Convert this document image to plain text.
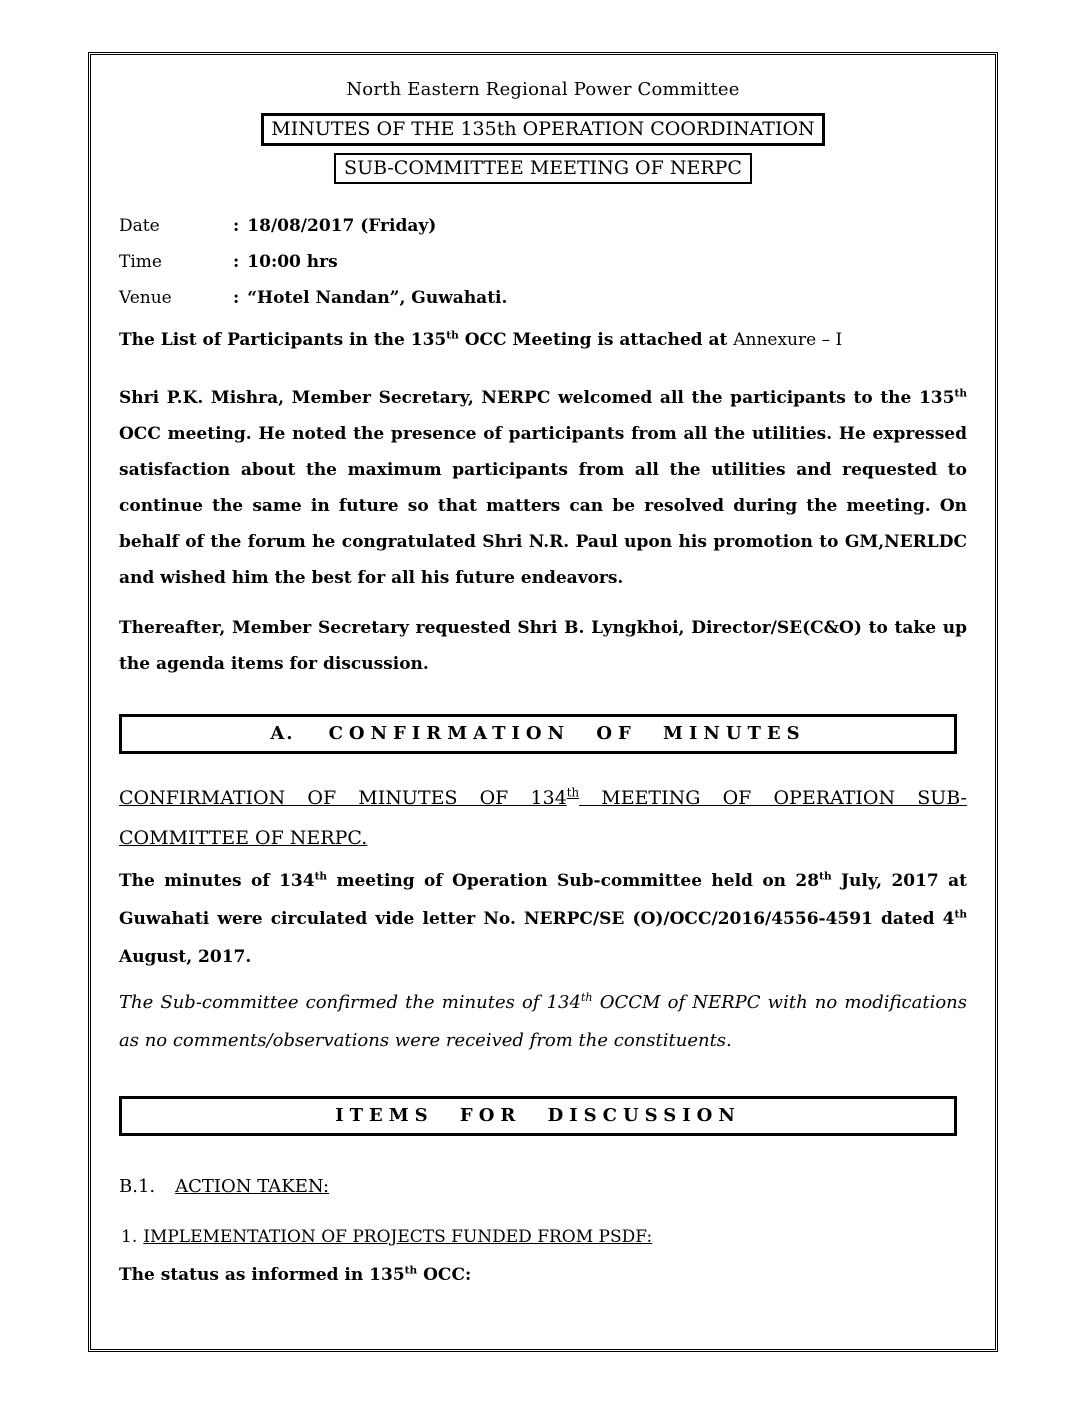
North Eastern Regional Power Committee
MINUTES OF THE 135th OPERATION COORDINATION
SUB-COMMITTEE MEETING OF NERPC
Date	: 18/08/2017 (Friday)
Time	: 10:00 hrs
Venue	: “Hotel Nandan”, Guwahati.
The List of Participants in the 135th OCC Meeting is attached at Annexure – I
Shri P.K. Mishra, Member Secretary, NERPC welcomed all the participants to the 135th OCC meeting. He noted the presence of participants from all the utilities. He expressed satisfaction about the maximum participants from all the utilities and requested to continue the same in future so that matters can be resolved during the meeting. On behalf of the forum he congratulated Shri N.R. Paul upon his promotion to GM,NERLDC and wished him the best for all his future endeavors.
Thereafter, Member Secretary requested Shri B. Lyngkhoi, Director/SE(C&O) to take up the agenda items for discussion.
A. CONFIRMATION OF MINUTES
CONFIRMATION OF MINUTES OF 134th MEETING OF OPERATION SUB-COMMITTEE OF NERPC.
The minutes of 134th meeting of Operation Sub-committee held on 28th July, 2017 at Guwahati were circulated vide letter No. NERPC/SE (O)/OCC/2016/4556-4591 dated 4th August, 2017.
The Sub-committee confirmed the minutes of 134th OCCM of NERPC with no modifications as no comments/observations were received from the constituents.
ITEMS FOR DISCUSSION
B.1. ACTION TAKEN:
1. IMPLEMENTATION OF PROJECTS FUNDED FROM PSDF:
The status as informed in 135th OCC:
